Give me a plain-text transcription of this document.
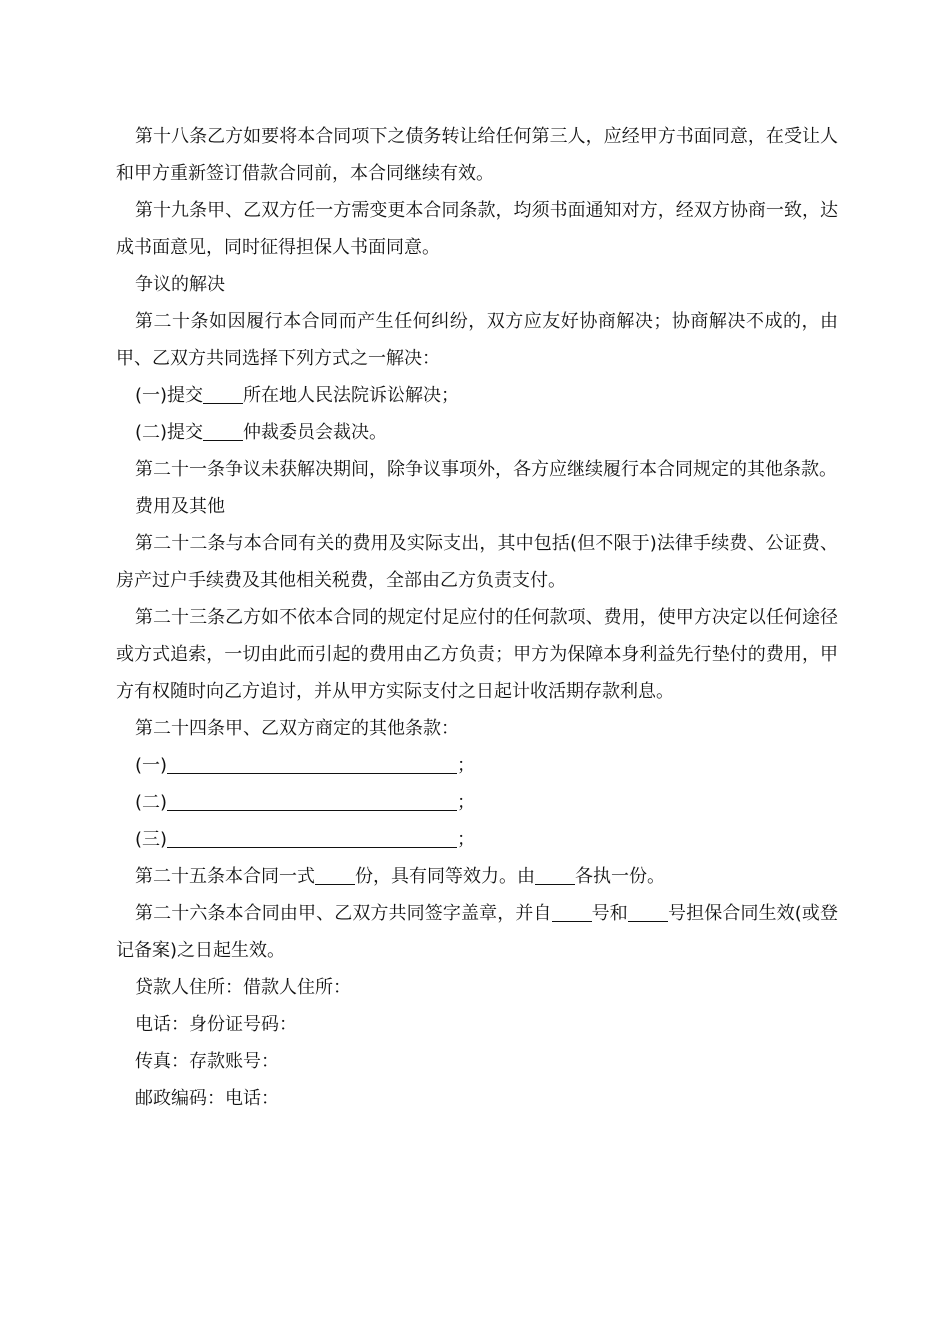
第十八条乙方如要将本合同项下之债务转让给任何第三人，应经甲方书面同意，在受让人和甲方重新签订借款合同前，本合同继续有效。

第十九条甲、乙双方任一方需变更本合同条款，均须书面通知对方，经双方协商一致，达成书面意见，同时征得担保人书面同意。

争议的解决

第二十条如因履行本合同而产生任何纠纷，双方应友好协商解决；协商解决不成的，由甲、乙双方共同选择下列方式之一解决：

(一)提交 所在地人民法院诉讼解决；

(二)提交 仲裁委员会裁决。

第二十一条争议未获解决期间，除争议事项外，各方应继续履行本合同规定的其他条款。

费用及其他

第二十二条与本合同有关的费用及实际支出，其中包括(但不限于)法律手续费、公证费、房产过户手续费及其他相关税费，全部由乙方负责支付。

第二十三条乙方如不依本合同的规定付足应付的任何款项、费用，使甲方决定以任何途径或方式追索，一切由此而引起的费用由乙方负责；甲方为保障本身利益先行垫付的费用，甲方有权随时向乙方追讨，并从甲方实际支付之日起计收活期存款利息。

第二十四条甲、乙双方商定的其他条款：

(一)	；

(二)	；

(三)	；

第二十五条本合同一式 份，具有同等效力。由 各执一份。

第二十六条本合同由甲、乙双方共同签字盖章，并自 号和 号担保合同生效(或登记备案)之日起生效。

贷款人住所：借款人住所：

电话：身份证号码：

传真：存款账号：

邮政编码：电话：
